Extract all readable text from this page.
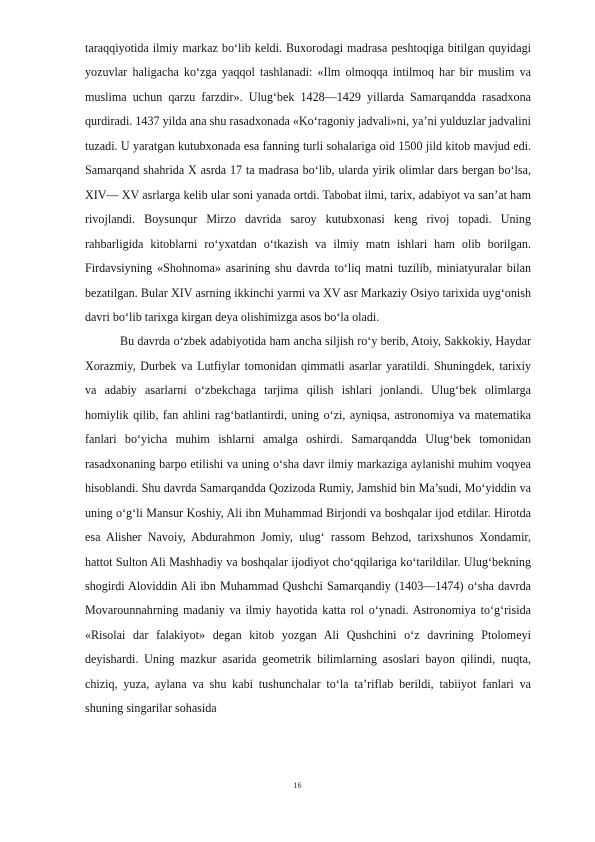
taraqqiyotida ilmiy markaz bo‘lib keldi. Buxorodagi madrasa peshtoqiga bitilgan quyidagi yozuvlar haligacha ko‘zga yaqqol tashlanadi: «Ilm olmoqqa intilmoq har bir muslim va muslima uchun qarzu farzdir». Ulug‘bek 1428—1429 yillarda Samarqandda rasadxona qurdiradi. 1437 yilda ana shu rasadxonada «Ko‘ragoniy jadvali»ni, ya’ni yulduzlar jadvalini tuzadi. U yaratgan kutubxonada esa fanning turli sohalariga oid 1500 jild kitob mavjud edi. Samarqand shahrida X asrda 17 ta madrasa bo‘lib, ularda yirik olimlar dars bergan bo‘lsa, XIV— XV asrlarga kelib ular soni yanada ortdi. Tabobat ilmi, tarix, adabiyot va san’at ham rivojlandi. Boysunqur Mirzo davrida saroy kutubxonasi keng rivoj topadi. Uning rahbarligida kitoblarni ro‘yxatdan o‘tkazish va ilmiy matn ishlari ham olib borilgan. Firdavsiyning «Shohnoma» asarining shu davrda to‘liq matni tuzilib, miniatyuralar bilan bezatilgan. Bular XIV asrning ikkinchi yarmi va XV asr Markaziy Osiyo tarixida uyg‘onish davri bo‘lib tarixga kirgan deya olishimizga asos bo‘la oladi.

Bu davrda o‘zbek adabiyotida ham ancha siljish ro‘y berib, Atoiy, Sakkokiy, Haydar Xorazmiy, Durbek va Lutfiylar tomonidan qimmatli asarlar yaratildi. Shuningdek, tarixiy va adabiy asarlarni o‘zbekchaga tarjima qilish ishlari jonlandi. Ulug‘bek olimlarga homiylik qilib, fan ahlini rag‘batlantirdi, uning o‘zi, ayniqsa, astronomiya va matematika fanlari bo‘yicha muhim ishlarni amalga oshirdi. Samarqandda Ulug‘bek tomonidan rasadxonaning barpo etilishi va uning o‘sha davr ilmiy markaziga aylanishi muhim voqyea hisoblandi. Shu davrda Samarqandda Qozizoda Rumiy, Jamshid bin Ma’sudi, Mo‘yiddin va uning o‘g‘li Mansur Koshiy, Ali ibn Muhammad Birjondi va boshqalar ijod etdilar. Hirotda esa Alisher Navoiy, Abdurahmon Jomiy, ulug‘ rassom Behzod, tarixshunos Xondamir, hattot Sulton Ali Mashhadiy va boshqalar ijodiyot cho‘qqilariga ko‘tarildilar. Ulug‘bekning shogirdi Aloviddin Ali ibn Muhammad Qushchi Samarqandiy (1403—1474) o‘sha davrda Movarounnahrning madaniy va ilmiy hayotida katta rol o‘ynadi. Astronomiya to‘g‘risida «Risolai dar falakiyot» degan kitob yozgan Ali Qushchini o‘z davrining Ptolomeyi deyishardi. Uning mazkur asarida geometrik bilimlarning asoslari bayon qilindi, nuqta, chiziq, yuza, aylana va shu kabi tushunchalar to‘la ta’riflab berildi, tabiiyot fanlari va shuning singarilar sohasida

16
